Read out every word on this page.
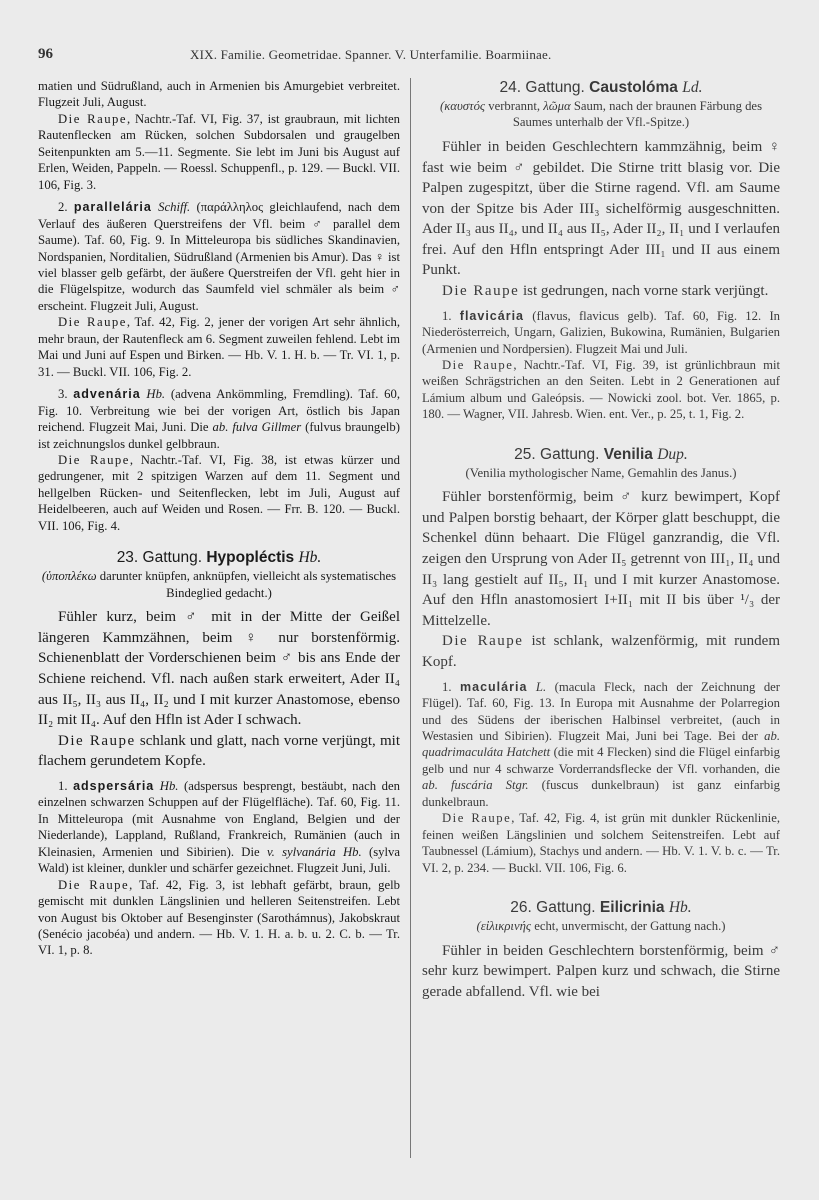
96	XIX. Familie. Geometridae. Spanner. V. Unterfamilie. Boarmiinae.

matien und Südrußland, auch in Armenien bis Amurgebiet verbreitet. Flugzeit Juli, August.

Die Raupe, Nachtr.-Taf. VI, Fig. 37, ist graubraun, mit lichten Rautenflecken am Rücken, solchen Subdorsalen und graugelben Seitenpunkten am 5.—11. Segmente. Sie lebt im Juni bis August auf Erlen, Weiden, Pappeln. — Roessl. Schuppenfl., p. 129. — Buckl. VII. 106, Fig. 3.

2. parallelária Schiff. (παράλληλος gleichlaufend, nach dem Verlauf des äußeren Querstreifens der Vfl. beim ♂ parallel dem Saume). Taf. 60, Fig. 9. In Mitteleuropa bis südliches Skandinavien, Nordspanien, Norditalien, Südrußland (Armenien bis Amur). Das ♀ ist viel blasser gelb gefärbt, der äußere Querstreifen der Vfl. geht hier in die Flügelspitze, wodurch das Saumfeld viel schmäler als beim ♂ erscheint. Flugzeit Juli, August.

Die Raupe, Taf. 42, Fig. 2, jener der vorigen Art sehr ähnlich, mehr braun, der Rautenfleck am 6. Segment zuweilen fehlend. Lebt im Mai und Juni auf Espen und Birken. — Hb. V. 1. H. b. — Tr. VI. 1, p. 31. — Buckl. VII. 106, Fig. 2.

3. advenária Hb. (advena Ankömmling, Fremdling). Taf. 60, Fig. 10. Verbreitung wie bei der vorigen Art, östlich bis Japan reichend. Flugzeit Mai, Juni. Die ab. fulva Gillmer (fulvus braungelb) ist zeichnungslos dunkel gelbbraun.

Die Raupe, Nachtr.-Taf. VI, Fig. 38, ist etwas kürzer und gedrungener, mit 2 spitzigen Warzen auf dem 11. Segment und hellgelben Rücken- und Seitenflecken, lebt im Juli, August auf Heidelbeeren, auch auf Weiden und Rosen. — Frr. B. 120. — Buckl. VII. 106, Fig. 4.

23. Gattung. Hypopléctis Hb.

(ὑποπλέκω darunter knüpfen, anknüpfen, vielleicht als systematisches Bindeglied gedacht.)

Fühler kurz, beim ♂ mit in der Mitte der Geißel längeren Kammzähnen, beim ♀ nur borstenförmig. Schienenblatt der Vorderschienen beim ♂ bis ans Ende der Schiene reichend. Vfl. nach außen stark erweitert, Ader II₄ aus II₅, II₃ aus II₄, II₂ und I mit kurzer Anastomose, ebenso II₂ mit II₄. Auf den Hfln ist Ader I schwach.

Die Raupe schlank und glatt, nach vorne verjüngt, mit flachem gerundetem Kopfe.

1. adspersária Hb. (adspersus besprengt, bestäubt, nach den einzelnen schwarzen Schuppen auf der Flügelfläche). Taf. 60, Fig. 11. In Mitteleuropa (mit Ausnahme von England, Belgien und der Niederlande), Lappland, Rußland, Frankreich, Rumänien (auch in Kleinasien, Armenien und Sibirien). Die v. sylvanária Hb. (sylva Wald) ist kleiner, dunkler und schärfer gezeichnet. Flugzeit Juni, Juli.

Die Raupe, Taf. 42, Fig. 3, ist lebhaft gefärbt, braun, gelb gemischt mit dunklen Längslinien und helleren Seitenstreifen. Lebt von August bis Oktober auf Besenginster (Sarothámnus), Jakobskraut (Senécio jacobéa) und andern. — Hb. V. 1. H. a. b. u. 2. C. b. — Tr. VI. 1, p. 8.

24. Gattung. Caustolóma Ld.

(καυστός verbrannt, λῶμα Saum, nach der braunen Färbung des Saumes unterhalb der Vfl.-Spitze.)

Fühler in beiden Geschlechtern kammzähnig, beim ♀ fast wie beim ♂ gebildet. Die Stirne tritt blasig vor. Die Palpen zugespitzt, über die Stirne ragend. Vfl. am Saume von der Spitze bis Ader III₃ sichelförmig ausgeschnitten. Ader II₃ aus II₄, und II₄ aus II₅, Ader II₂, II₁ und I verlaufen frei. Auf den Hfln entspringt Ader III₁ und II aus einem Punkt.

Die Raupe ist gedrungen, nach vorne stark verjüngt.

1. flavicária (flavus, flavicus gelb). Taf. 60, Fig. 12. In Niederösterreich, Ungarn, Galizien, Bukowina, Rumänien, Bulgarien (Armenien und Nordpersien). Flugzeit Mai und Juli.

Die Raupe, Nachtr.-Taf. VI, Fig. 39, ist grünlichbraun mit weißen Schrägstrichen an den Seiten. Lebt in 2 Generationen auf Lámium album und Galeópsis. — Nowicki zool. bot. Ver. 1865, p. 180. — Wagner, VII. Jahresb. Wien. ent. Ver., p. 25, t. 1, Fig. 2.

25. Gattung. Venilia Dup.

(Venilia mythologischer Name, Gemahlin des Janus.)

Fühler borstenförmig, beim ♂ kurz bewimpert, Kopf und Palpen borstig behaart, der Körper glatt beschuppt, die Schenkel dünn behaart. Die Flügel ganzrandig, die Vfl. zeigen den Ursprung von Ader II₅ getrennt von III₁, II₄ und II₃ lang gestielt auf II₅, II₁ und I mit kurzer Anastomose. Auf den Hfln anastomosiert I+II₁ mit II bis über ¹/₃ der Mittelzelle.

Die Raupe ist schlank, walzenförmig, mit rundem Kopf.

1. maculária L. (macula Fleck, nach der Zeichnung der Flügel). Taf. 60, Fig. 13. In Europa mit Ausnahme der Polarregion und des Südens der iberischen Halbinsel verbreitet, (auch in Westasien und Sibirien). Flugzeit Mai, Juni bei Tage. Bei der ab. quadrimaculáta Hatchett (die mit 4 Flecken) sind die Flügel einfarbig gelb und nur 4 schwarze Vorderrandsflecke der Vfl. vorhanden, die ab. fuscária Stgr. (fuscus dunkelbraun) ist ganz einfarbig dunkelbraun.

Die Raupe, Taf. 42, Fig. 4, ist grün mit dunkler Rückenlinie, feinen weißen Längslinien und solchem Seitenstreifen. Lebt auf Taubnessel (Lámium), Stachys und andern. — Hb. V. 1. V. b. c. — Tr. VI. 2, p. 234. — Buckl. VII. 106, Fig. 6.

26. Gattung. Eilicrinia Hb.

(εἰλικρινής echt, unvermischt, der Gattung nach.)

Fühler in beiden Geschlechtern borstenförmig, beim ♂ sehr kurz bewimpert. Palpen kurz und schwach, die Stirne gerade abfallend. Vfl. wie bei
